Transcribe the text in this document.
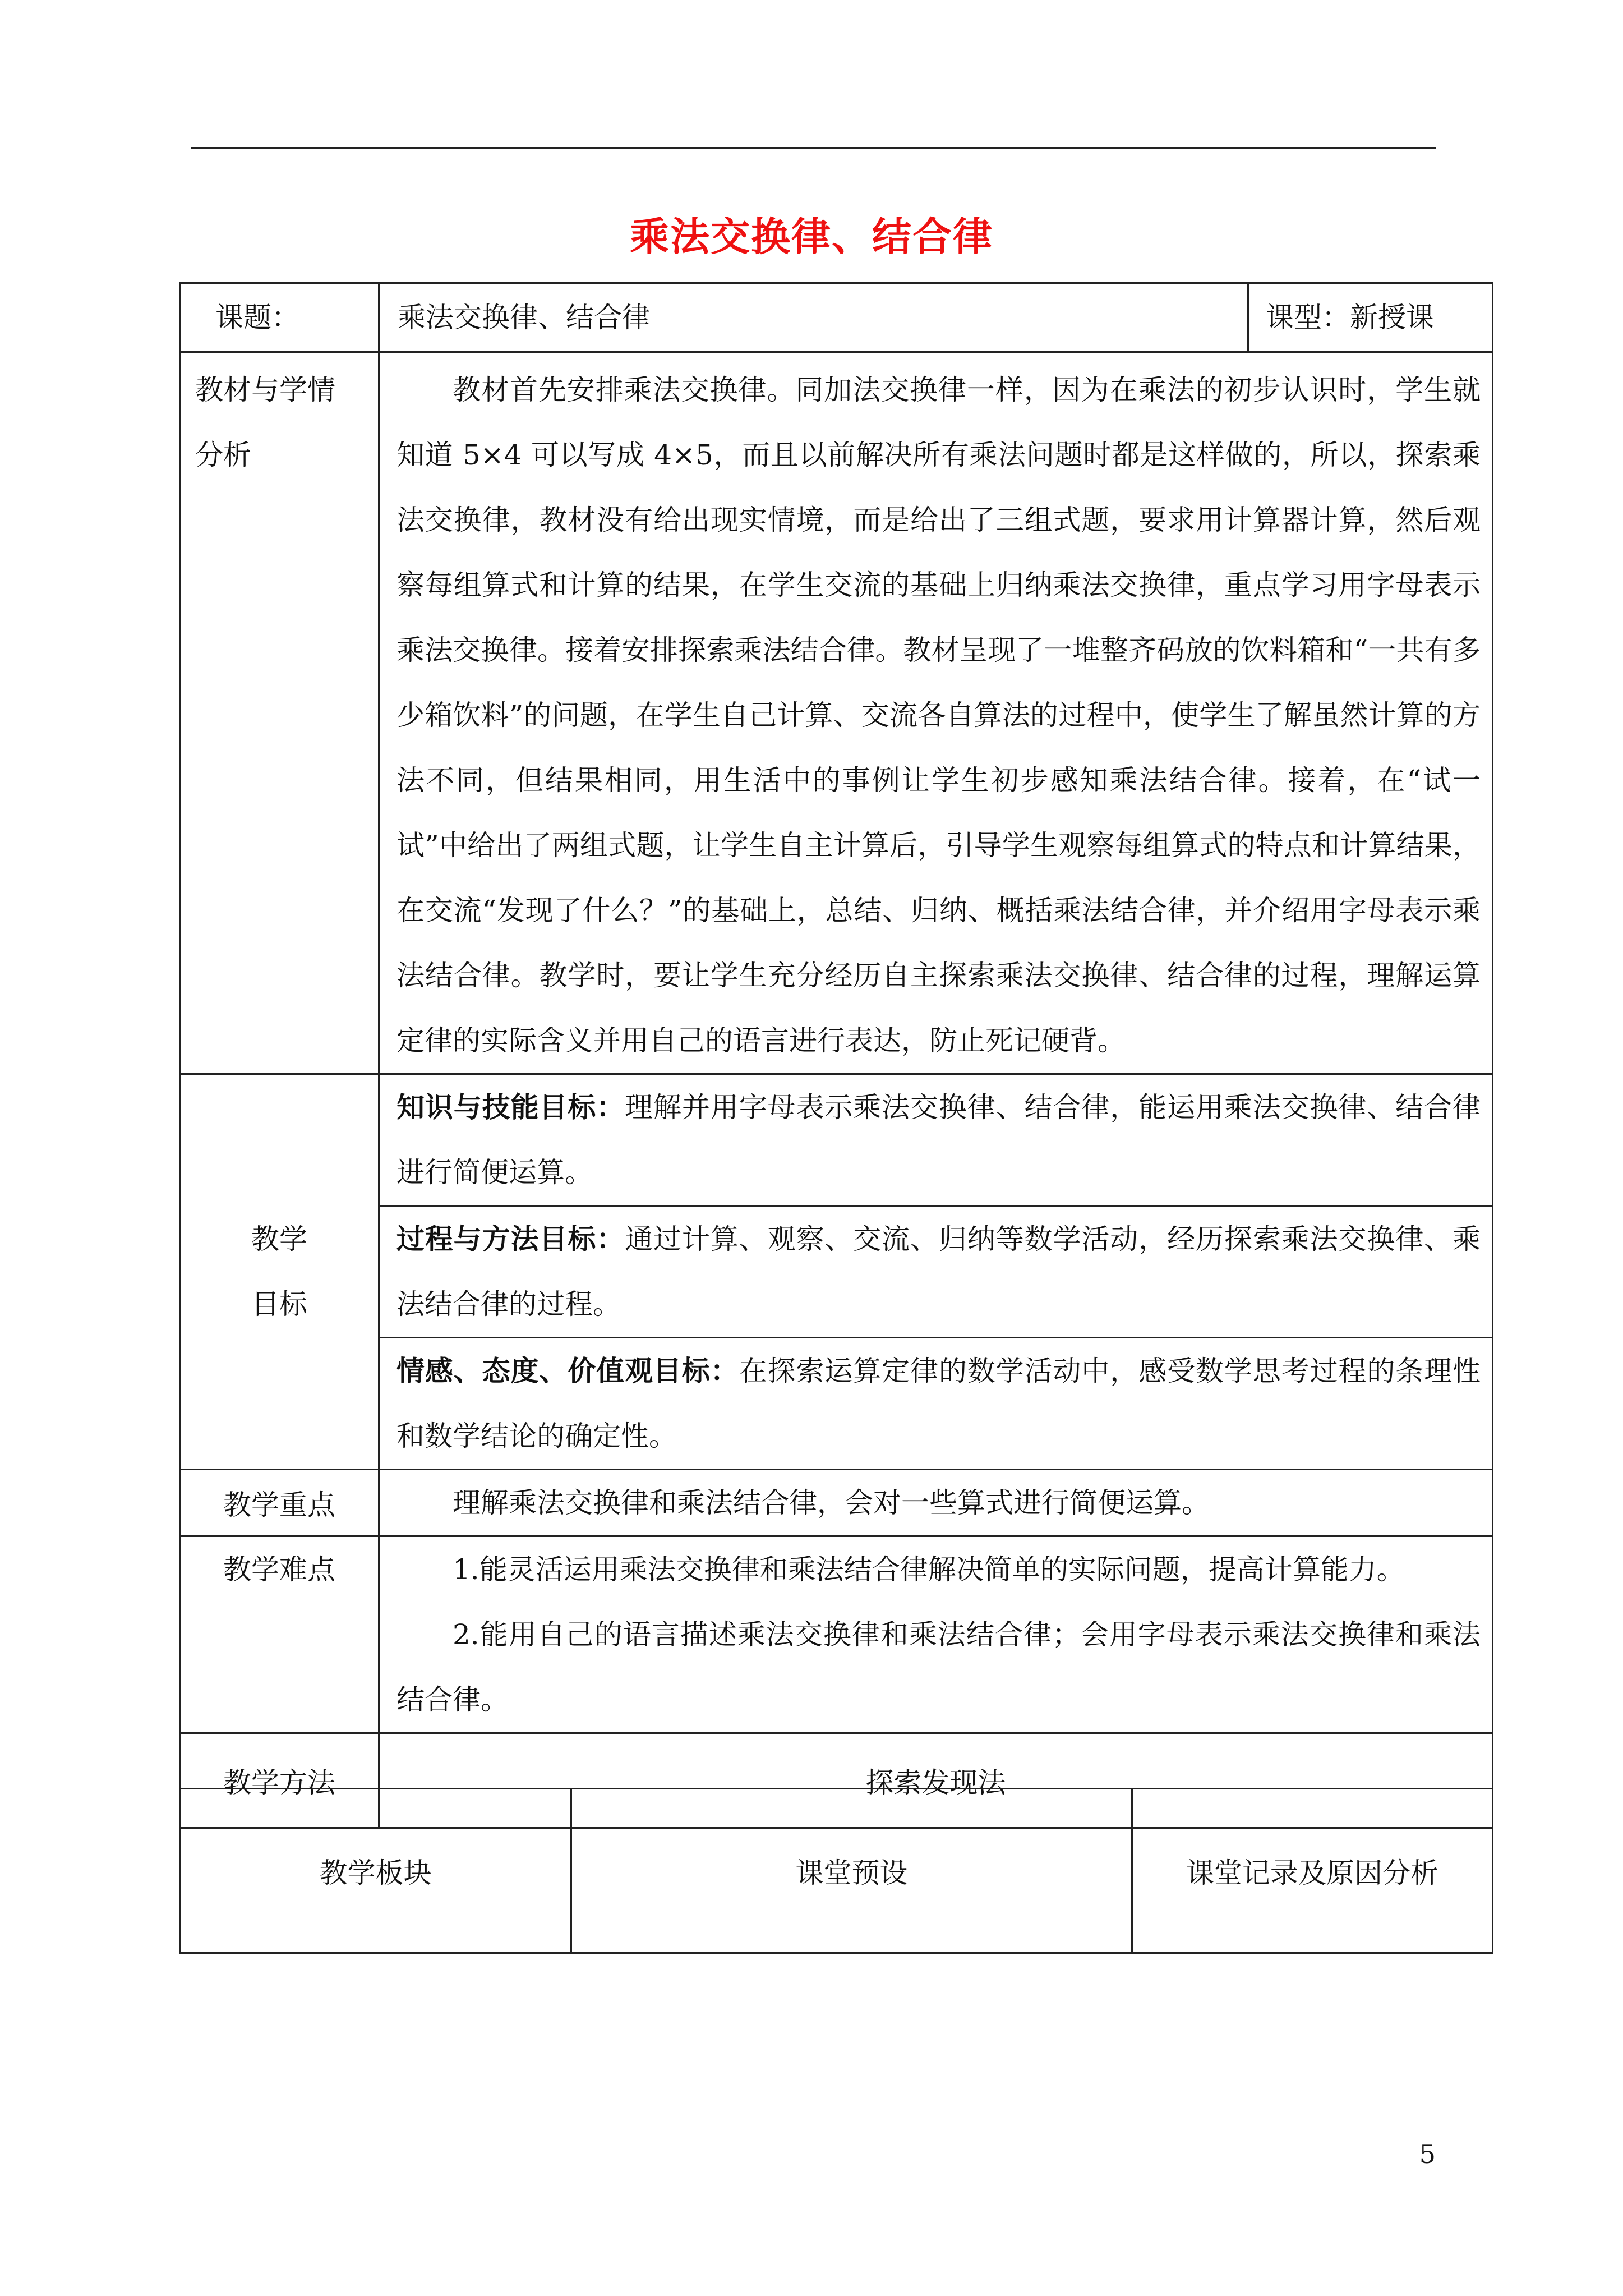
乘法交换律、结合律
课题：	乘法交换律、结合律	课型：新授课

教材与学情分析	教材首先安排乘法交换律。同加法交换律一样，因为在乘法的初步认识时，学生就知道 5×4 可以写成 4×5，而且以前解决所有乘法问题时都是这样做的，所以，探索乘法交换律，教材没有给出现实情境，而是给出了三组式题，要求用计算器计算，然后观察每组算式和计算的结果，在学生交流的基础上归纳乘法交换律，重点学习用字母表示乘法交换律。接着安排探索乘法结合律。教材呈现了一堆整齐码放的饮料箱和“一共有多少箱饮料”的问题，在学生自己计算、交流各自算法的过程中，使学生了解虽然计算的方法不同，但结果相同，用生活中的事例让学生初步感知乘法结合律。接着，在“试一试”中给出了两组式题，让学生自主计算后，引导学生观察每组算式的特点和计算结果，在交流“发现了什么？”的基础上，总结、归纳、概括乘法结合律，并介绍用字母表示乘法结合律。教学时，要让学生充分经历自主探索乘法交换律、结合律的过程，理解运算定律的实际含义并用自己的语言进行表达，防止死记硬背。	

教学
目标	知识与技能目标：理解并用字母表示乘法交换律、结合律，能运用乘法交换律、结合律进行简便运算。	

	过程与方法目标：通过计算、观察、交流、归纳等数学活动，经历探索乘法交换律、乘法结合律的过程。	

	情感、态度、价值观目标：在探索运算定律的数学活动中，感受数学思考过程的条理性和数学结论的确定性。	

教学重点	理解乘法交换律和乘法结合律，会对一些算式进行简便运算。	

教学难点	1.能灵活运用乘法交换律和乘法结合律解决简单的实际问题，提高计算能力。
2.能用自己的语言描述乘法交换律和乘法结合律；会用字母表示乘法交换律和乘法结合律。	

教学方法	探索发现法	
教学板块	课堂预设	课堂记录及原因分析
5
